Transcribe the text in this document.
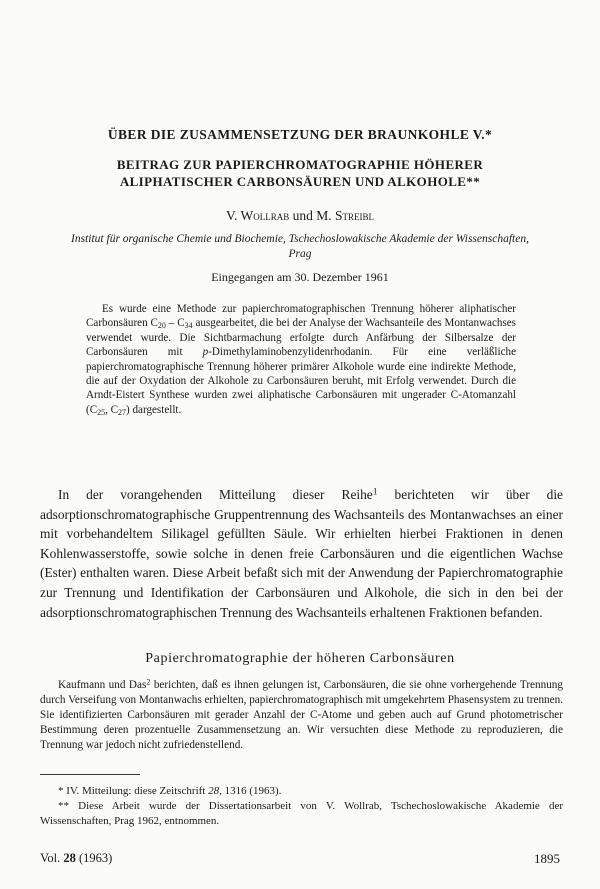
ÜBER DIE ZUSAMMENSETZUNG DER BRAUNKOHLE V.*
BEITRAG ZUR PAPIERCHROMATOGRAPHIE HÖHERER
ALIPHATISCHER CARBONSÄUREN UND ALKOHOLE**
V. Wollrab und M. Streibl
Institut für organische Chemie und Biochemie, Tschechoslowakische Akademie der Wissenschaften,
Prag
Eingegangen am 30. Dezember 1961
Es wurde eine Methode zur papierchromatographischen Trennung höherer aliphatischer Carbonsäuren $C_{20} - C_{34}$ ausgearbeitet, die bei der Analyse der Wachsanteile des Montanwachses verwendet wurde. Die Sichtbarmachung erfolgte durch Anfärbung der Silbersalze der Carbonsäuren mit p-Dimethylaminobenzylidenrhodanin. Für eine verläßliche papierchromatographische Trennung höherer primärer Alkohole wurde eine indirekte Methode, die auf der Oxydation der Alkohole zu Carbonsäuren beruht, mit Erfolg verwendet. Durch die Arndt-Eistert Synthese wurden zwei aliphatische Carbonsäuren mit ungerader C-Atomanzahl ($C_{25}$, $C_{27}$) dargestellt.
In der vorangehenden Mitteilung dieser Reihe$^1$ berichteten wir über die adsorptionschromatographische Gruppentrennung des Wachsanteils des Montanwachses an einer mit vorbehandeltem Silikagel gefüllten Säule. Wir erhielten hierbei Fraktionen in denen Kohlenwasserstoffe, sowie solche in denen freie Carbonsäuren und die eigentlichen Wachse (Ester) enthalten waren. Diese Arbeit befaßt sich mit der Anwendung der Papierchromatographie zur Trennung und Identifikation der Carbonsäuren und Alkohole, die sich in den bei der adsorptionschromatographischen Trennung des Wachsanteils erhaltenen Fraktionen befanden.
Papierchromatographie der höheren Carbonsäuren
Kaufmann und Das$^2$ berichten, daß es ihnen gelungen ist, Carbonsäuren, die sie ohne vorhergehende Trennung durch Verseifung von Montanwachs erhielten, papierchromatographisch mit umgekehrtem Phasensystem zu trennen. Sie identifizierten Carbonsäuren mit gerader Anzahl der C-Atome und geben auch auf Grund photometrischer Bestimmung deren prozentuelle Zusammensetzung an. Wir versuchten diese Methode zu reproduzieren, die Trennung war jedoch nicht zufriedenstellend.
* IV. Mitteilung: diese Zeitschrift 28, 1316 (1963).
** Diese Arbeit wurde der Dissertationsarbeit von V. Wollrab, Tschechoslowakische Akademie der Wissenschaften, Prag 1962, entnommen.
Vol. 28 (1963)	1895
